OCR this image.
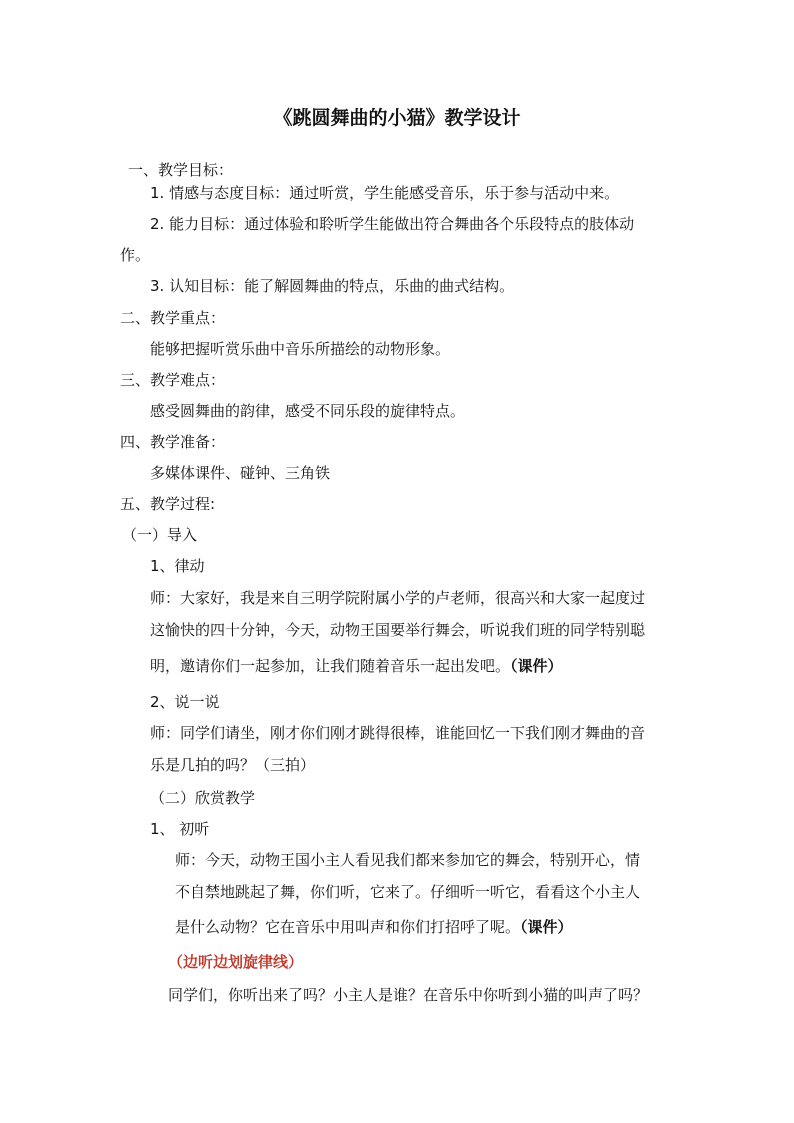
《跳圆舞曲的小猫》教学设计
一、教学目标：
1. 情感与态度目标：通过听赏，学生能感受音乐，乐于参与活动中来。
2. 能力目标：通过体验和聆听学生能做出符合舞曲各个乐段特点的肢体动
作。
3. 认知目标：能了解圆舞曲的特点，乐曲的曲式结构。
二、教学重点：
能够把握听赏乐曲中音乐所描绘的动物形象。
三、教学难点：
感受圆舞曲的韵律，感受不同乐段的旋律特点。
四、教学准备：
多媒体课件、碰钟、三角铁
五、教学过程:
（一）导入
1、律动
师：大家好，我是来自三明学院附属小学的卢老师，很高兴和大家一起度过
这愉快的四十分钟，今天，动物王国要举行舞会，听说我们班的同学特别聪
明，邀请你们一起参加，让我们随着音乐一起出发吧。（课件）
2、说一说
师：同学们请坐，刚才你们刚才跳得很棒，谁能回忆一下我们刚才舞曲的音
乐是几拍的吗？（三拍）
（二）欣赏教学
1、 初听
师：今天，动物王国小主人看见我们都来参加它的舞会，特别开心，情
不自禁地跳起了舞，你们听，它来了。仔细听一听它，看看这个小主人
是什么动物？它在音乐中用叫声和你们打招呼了呢。（课件）
（边听边划旋律线）
同学们，你听出来了吗？小主人是谁？在音乐中你听到小猫的叫声了吗？
